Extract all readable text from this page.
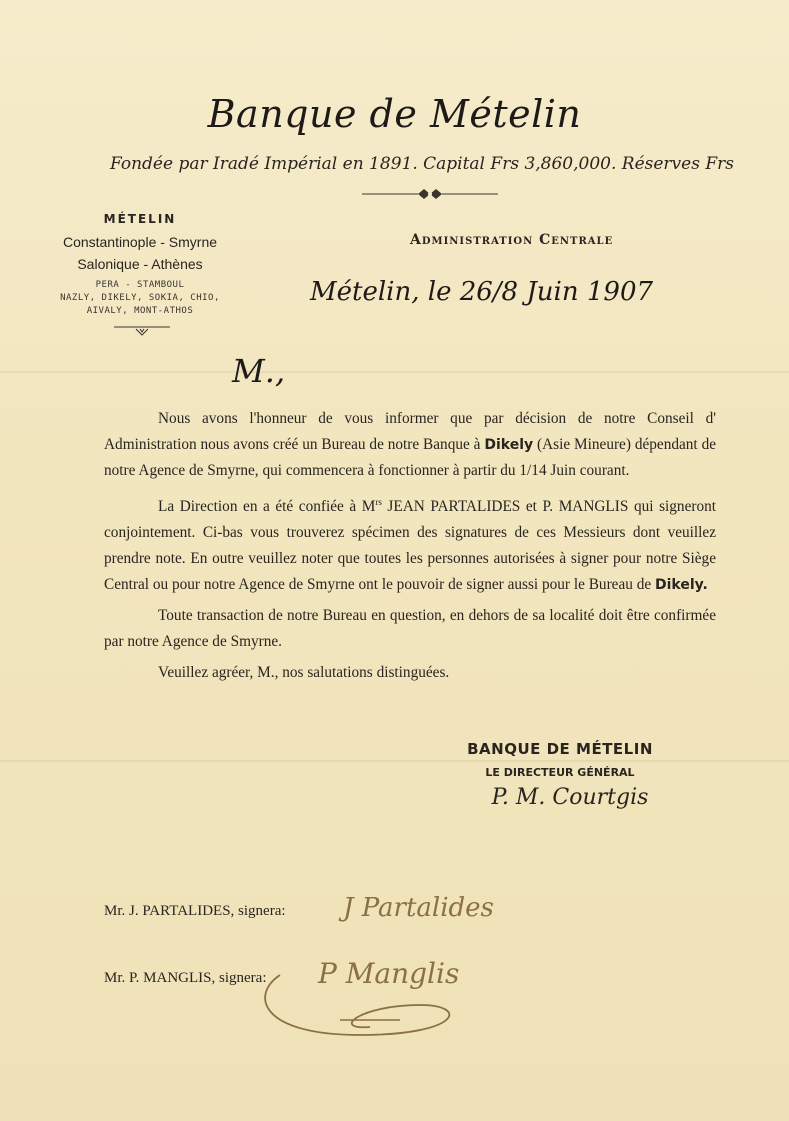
Banque de Mételin
Fondée par Iradé Impérial en 1891. Capital Frs 3,860,000. Réserves Frs
MÉTELIN
Constantinople - Smyrne
Salonique - Athènes
PERA - STAMBOUL
NAZLY, DIKELY, SOKIA, CHIO,
AIVALY, MONT-ATHOS
Administration Centrale
Mételin, le 26/8 Juin 1907
M.,

Nous avons l'honneur de vous informer que par décision de notre Conseil d' Administration nous avons créé un Bureau de notre Banque à Dikely (Asie Mineure) dépendant de notre Agence de Smyrne, qui commencera à fonctionner à partir du 1/14 Juin courant.

La Direction en a été confiée à $M^{rs}$ JEAN PARTALIDES et P. MANGLIS qui signeront conjointement. Ci-bas vous trouverez spécimen des signatures de ces Messieurs dont veuillez prendre note. En outre veuillez noter que toutes les personnes autorisées à signer pour notre Siège Central ou pour notre Agence de Smyrne ont le pouvoir de signer aussi pour le Bureau de Dikely.

Toute transaction de notre Bureau en question, en dehors de sa localité doit être confirmée par notre Agence de Smyrne.

Veuillez agréer, M., nos salutations distinguées.

BANQUE DE MÉTELIN
LE DIRECTEUR GÉNÉRAL
P. M. Courtgis
Mr. J. PARTALIDES, signera:
Mr. P. MANGLIS, signera:
J Partalides
P Manglis
